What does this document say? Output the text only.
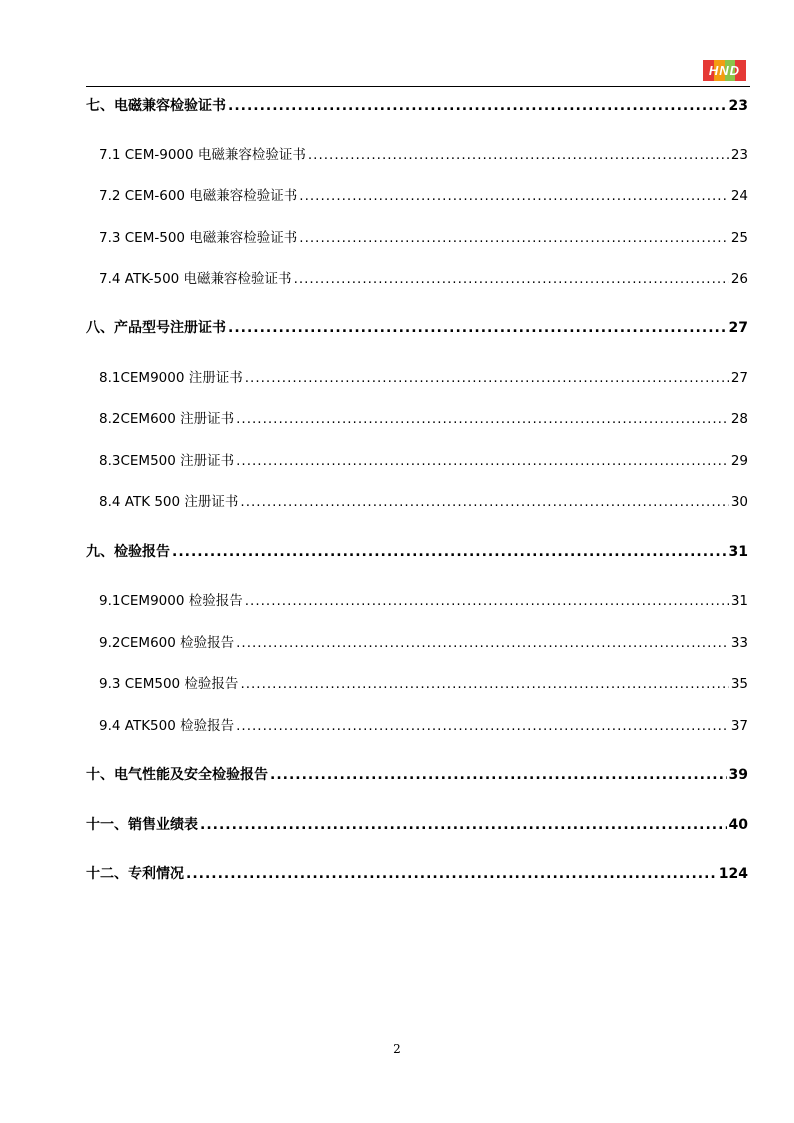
HND
七、电磁兼容检验证书 .....	23
7.1 CEM-9000 电磁兼容检验证书 .....	23
7.2 CEM-600 电磁兼容检验证书 .....	24
7.3 CEM-500 电磁兼容检验证书 .....	25
7.4 ATK-500 电磁兼容检验证书 .....	26
八、产品型号注册证书 .....	27
8.1CEM9000 注册证书 .....	27
8.2CEM600 注册证书 .....	28
8.3CEM500 注册证书 .....	29
8.4 ATK 500 注册证书 .....	30
九、检验报告 .....	31
9.1CEM9000 检验报告 .....	31
9.2CEM600 检验报告 .....	33
9.3 CEM500 检验报告 .....	35
9.4 ATK500 检验报告 .....	37
十、电气性能及安全检验报告 .....	39
十一、销售业绩表 .....	40
十二、专利情况 .....	124
2
